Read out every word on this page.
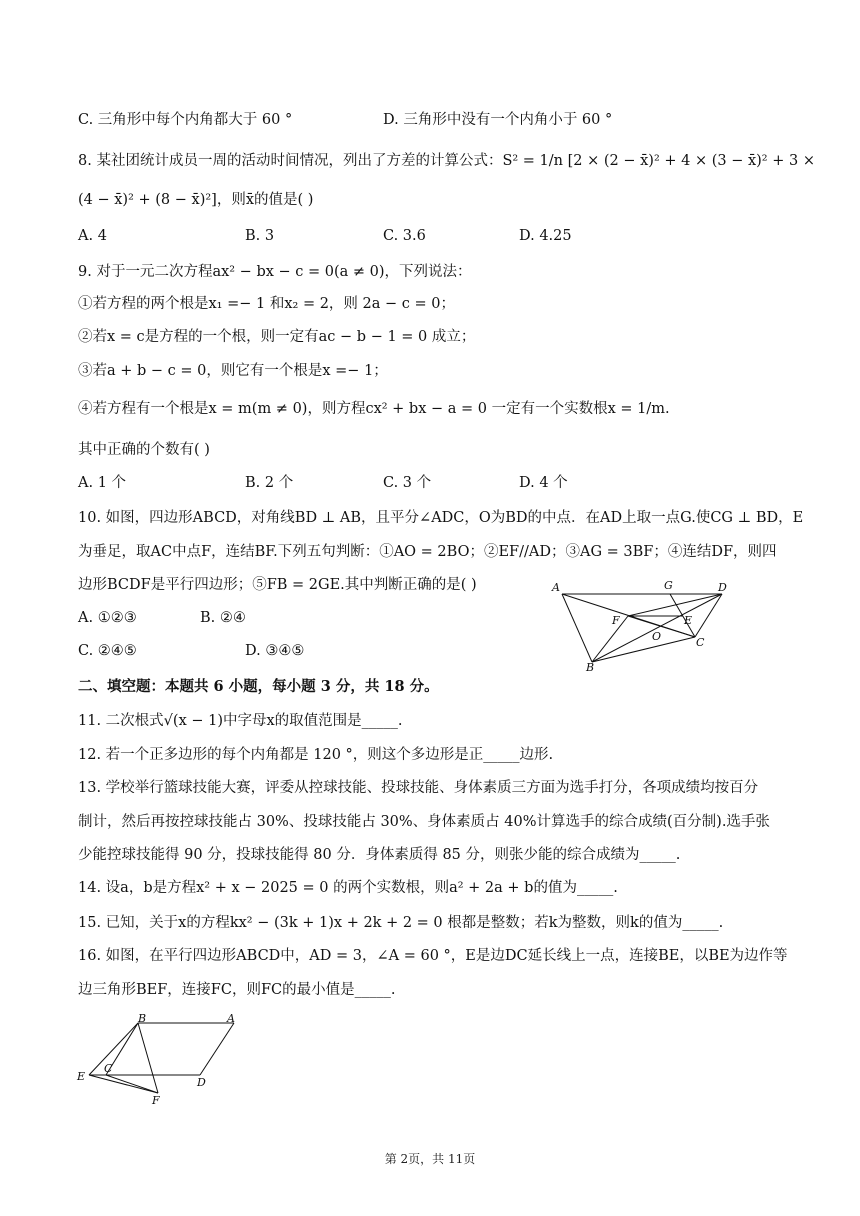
C. 三角形中每个内角都大于 60 °	D. 三角形中没有一个内角小于 60 °
8. 某社团统计成员一周的活动时间情况，列出了方差的计算公式：S² = 1/n [2 × (2 − x̄)² + 4 × (3 − x̄)² + 3 ×
(4 − x̄)² + (8 − x̄)²]，则x̄的值是( )
A. 4	B. 3	C. 3.6	D. 4.25
9. 对于一元二次方程ax² − bx − c = 0(a ≠ 0)，下列说法：
①若方程的两个根是x₁ =− 1 和x₂ = 2，则 2a − c = 0；
②若x = c是方程的一个根，则一定有ac − b − 1 = 0 成立；
③若a + b − c = 0，则它有一个根是x =− 1；
④若方程有一个根是x = m(m ≠ 0)，则方程cx² + bx − a = 0 一定有一个实数根x = 1/m.
其中正确的个数有( )
A. 1 个	B. 2 个	C. 3 个	D. 4 个
10. 如图，四边形ABCD，对角线BD ⊥ AB，且平分∠ADC，O为BD的中点．在AD上取一点G.使CG ⊥ BD，E
为垂足，取AC中点F，连结BF.下列五句判断：①AO = 2BO；②EF//AD；③AG = 3BF；④连结DF，则四
边形BCDF是平行四边形；⑤FB = 2GE.其中判断正确的是( )
A. ①②③	B. ②④
C. ②④⑤	D. ③④⑤
A	G	D
F	E
O	C
B
二、填空题：本题共 6 小题，每小题 3 分，共 18 分。
11. 二次根式√(x − 1)中字母x的取值范围是_____.
12. 若一个正多边形的每个内角都是 120 °，则这个多边形是正_____边形.
13. 学校举行篮球技能大赛，评委从控球技能、投球技能、身体素质三方面为选手打分，各项成绩均按百分
制计，然后再按控球技能占 30%、投球技能占 30%、身体素质占 40%计算选手的综合成绩(百分制).选手张
少能控球技能得 90 分，投球技能得 80 分．身体素质得 85 分，则张少能的综合成绩为_____.
14. 设a，b是方程x² + x − 2025 = 0 的两个实数根，则a² + 2a + b的值为_____.
15. 已知，关于x的方程kx² − (3k + 1)x + 2k + 2 = 0 根都是整数；若k为整数，则k的值为_____.
16. 如图，在平行四边形ABCD中，AD = 3，∠A = 60 °，E是边DC延长线上一点，连接BE，以BE为边作等
边三角形BEF，连接FC，则FC的最小值是_____.
B	A
C
E	D
F
第 2页，共 11页
